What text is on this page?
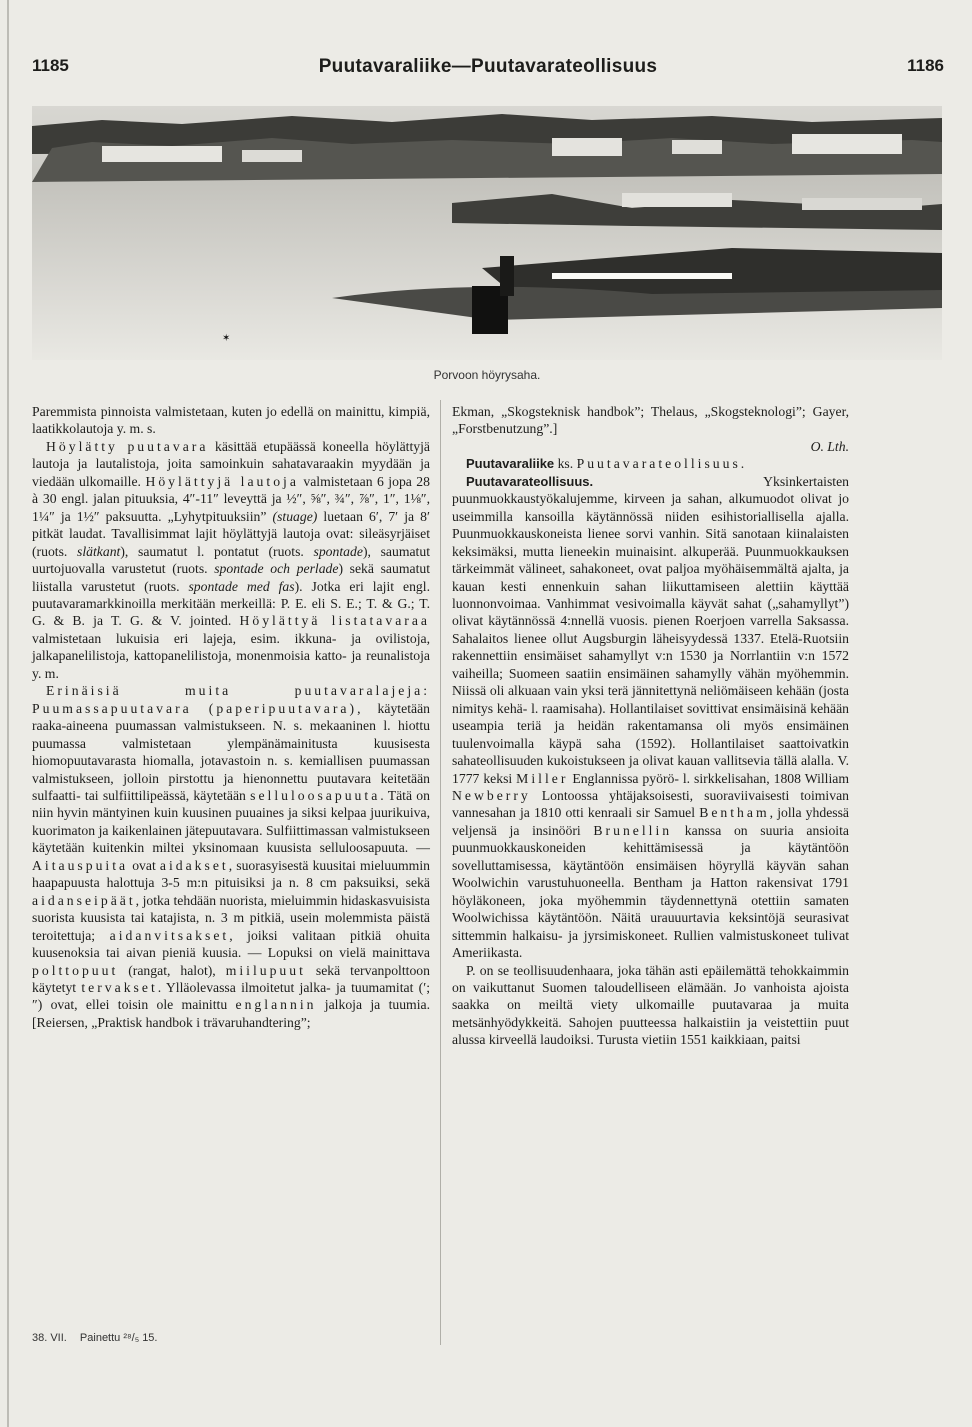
1185	Puutavaraliike—Puutavarateollisuus	1186
✶
Porvoon höyrysaha.

Paremmista pinnoista valmistetaan, kuten jo edellä on mainittu, kimpiä, laatikkolautoja y. m. s.

Höylätty puutavara käsittää etupäässä koneella höylättyjä lautoja ja lautalistoja, joita samoinkuin sahatavaraakin myydään ja viedään ulkomaille. Höylättyjä lautoja valmistetaan 6 jopa 28 à 30 engl. jalan pituuksia, 4″-11″ leveyttä ja ½″, ⅝″, ¾″, ⅞″, 1″, 1⅛″, 1¼″ ja 1½″ paksuutta. „Lyhytpituuksiin” (stuage) luetaan 6′, 7′ ja 8′ pitkät laudat. Tavallisimmat lajit höylättyjä lautoja ovat: sileäsyrjäiset (ruots. slätkant), saumatut l. pontatut (ruots. spontade), saumatut uurtojuovalla varustetut (ruots. spontade och perlade) sekä saumatut liistalla varustetut (ruots. spontade med fas). Jotka eri lajit engl. puutavaramarkkinoilla merkitään merkeillä: P. E. eli S. E.; T. & G.; T. G. & B. ja T. G. & V. jointed. Höylättyä listatavaraa valmistetaan lukuisia eri lajeja, esim. ikkuna- ja ovilistoja, jalkapanelilistoja, kattopanelilistoja, monenmoisia katto- ja reunalistoja y. m.

Erinäisiä muita puutavaralajeja: Puumassapuutavara (paperipuutavara), käytetään raaka-aineena puumassan valmistukseen. N. s. mekaaninen l. hiottu puumassa valmistetaan ylempänämainitusta kuusisesta hiomopuutavarasta hiomalla, jotavastoin n. s. kemiallisen puumassan valmistukseen, jolloin pirstottu ja hienonnettu puutavara keitetään sulfaatti- tai sulfiittilipeässä, käytetään selluloosapuuta. Tätä on niin hyvin mäntyinen kuin kuusinen puuaines ja siksi kelpaa juurikuiva, kuorimaton ja kaikenlainen jätepuutavara. Sulfiittimassan valmistukseen käytetään kuitenkin miltei yksinomaan kuusista selluloosapuuta. — Aitauspuita ovat aidakset, suorasyisestä kuusitai mieluummin haapapuusta halottuja 3-5 m:n pituisiksi ja n. 8 cm paksuiksi, sekä aidanseipäät, jotka tehdään nuorista, mieluimmin hidaskasvuisista suorista kuusista tai katajista, n. 3 m pitkiä, usein molemmista päistä teroitettuja; aidanvitsakset, joiksi valitaan pitkiä ohuita kuusenoksia tai aivan pieniä kuusia. — Lopuksi on vielä mainittava polttopuut (rangat, halot), miilupuut sekä tervanpolttoon käytetyt tervakset. Ylläolevassa ilmoitetut jalka- ja tuumamitat (′; ″) ovat, ellei toisin ole mainittu englannin jalkoja ja tuumia. [Reiersen, „Praktisk handbok i trävaruhandtering”;

Ekman, „Skogsteknisk handbok”; Thelaus, „Skogsteknologi”; Gayer, „Forstbenutzung”.]

O. Lth.

Puutavaraliike ks. Puutavarateollisuus.

Puutavarateollisuus. Yksinkertaisten puunmuokkaustyökalujemme, kirveen ja sahan, alkumuodot olivat jo useimmilla kansoilla käytännössä niiden esihistoriallisella ajalla. Puunmuokkauskoneista lienee sorvi vanhin. Sitä sanotaan kiinalaisten keksimäksi, mutta lieneekin muinaisint. alkuperää. Puunmuokkauksen tärkeimmät välineet, sahakoneet, ovat paljoa myöhäisemmältä ajalta, ja kauan kesti ennenkuin sahan liikuttamiseen alettiin käyttää luonnonvoimaa. Vanhimmat vesivoimalla käyvät sahat („sahamyllyt”) olivat käytännössä 4:nnellä vuosis. pienen Roerjoen varrella Saksassa. Sahalaitos lienee ollut Augsburgin läheisyydessä 1337. Etelä-Ruotsiin rakennettiin ensimäiset sahamyllyt v:n 1530 ja Norrlantiin v:n 1572 vaiheilla; Suomeen saatiin ensimäinen sahamylly vähän myöhemmin. Niissä oli alkuaan vain yksi terä jännitettynä neliömäiseen kehään (josta nimitys kehä- l. raamisaha). Hollantilaiset sovittivat ensimäisinä kehään useampia teriä ja heidän rakentamansa oli myös ensimäinen tuulenvoimalla käypä saha (1592). Hollantilaiset saattoivatkin sahateollisuuden kukoistukseen ja olivat kauan vallitsevia tällä alalla. V. 1777 keksi Miller Englannissa pyörö- l. sirkkelisahan, 1808 William Newberry Lontoossa yhtäjaksoisesti, suoraviivaisesti toimivan vannesahan ja 1810 otti kenraali sir Samuel Bentham, jolla yhdessä veljensä ja insinööri Brunellin kanssa on suuria ansioita puunmuokkauskoneiden kehittämisessä ja käytäntöön sovelluttamisessa, käytäntöön ensimäisen höyryllä käyvän sahan Woolwichin varustuhuoneella. Bentham ja Hatton rakensivat 1791 höyläkoneen, joka myöhemmin täydennettynä otettiin samaten Woolwichissa käytäntöön. Näitä urauuurtavia keksintöjä seurasivat sittemmin halkaisu- ja jyrsimiskoneet. Rullien valmistuskoneet tulivat Ameriikasta.

P. on se teollisuudenhaara, joka tähän asti epäilemättä tehokkaimmin on vaikuttanut Suomen taloudelliseen elämään. Jo vanhoista ajoista saakka on meiltä viety ulkomaille puutavaraa ja muita metsänhyödykkeitä. Sahojen puutteessa halkaistiin ja veistettiin puut alussa kirveellä laudoiksi. Turusta vietiin 1551 kaikkiaan, paitsi

38. VII. Painettu ²⁸/₅ 15.
